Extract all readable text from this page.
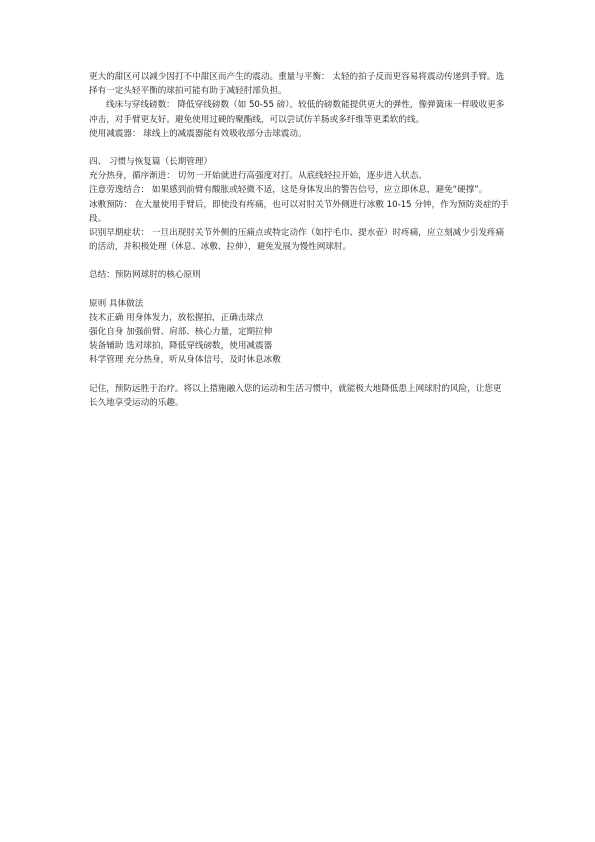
更大的甜区可以减少因打不中甜区而产生的震动。重量与平衡： 太轻的拍子反而更容易将震动传递到手臂。选择有一定头轻平衡的球拍可能有助于减轻肘部负担。

线床与穿线磅数： 降低穿线磅数（如 50-55 磅）。较低的磅数能提供更大的弹性，像弹簧床一样吸收更多冲击，对手臂更友好。避免使用过硬的聚酯线，可以尝试仿羊肠或多纤维等更柔软的线。

使用减震器： 球线上的减震器能有效吸收部分击球震动。

四、 习惯与恢复篇（长期管理）

充分热身，循序渐进： 切勿一开始就进行高强度对打。从底线轻拉开始，逐步进入状态。

注意劳逸结合： 如果感到前臂有酸胀或轻微不适，这是身体发出的警告信号，应立即休息，避免“硬撑”。

冰敷预防： 在大量使用手臂后，即使没有疼痛，也可以对肘关节外侧进行冰敷 10-15 分钟，作为预防炎症的手段。

识别早期症状： 一旦出现肘关节外侧的压痛点或特定动作（如拧毛巾、提水壶）时疼痛，应立刻减少引发疼痛的活动，并积极处理（休息、冰敷、拉伸），避免发展为慢性网球肘。

总结：预防网球肘的核心原则

原则 具体做法

技术正确 用身体发力，放松握拍，正确击球点

强化自身 加强前臂、肩部、核心力量，定期拉伸

装备辅助 选对球拍，降低穿线磅数，使用减震器

科学管理 充分热身，听从身体信号，及时休息冰敷

记住，预防远胜于治疗。将以上措施融入您的运动和生活习惯中，就能极大地降低患上网球肘的风险，让您更长久地享受运动的乐趣。
